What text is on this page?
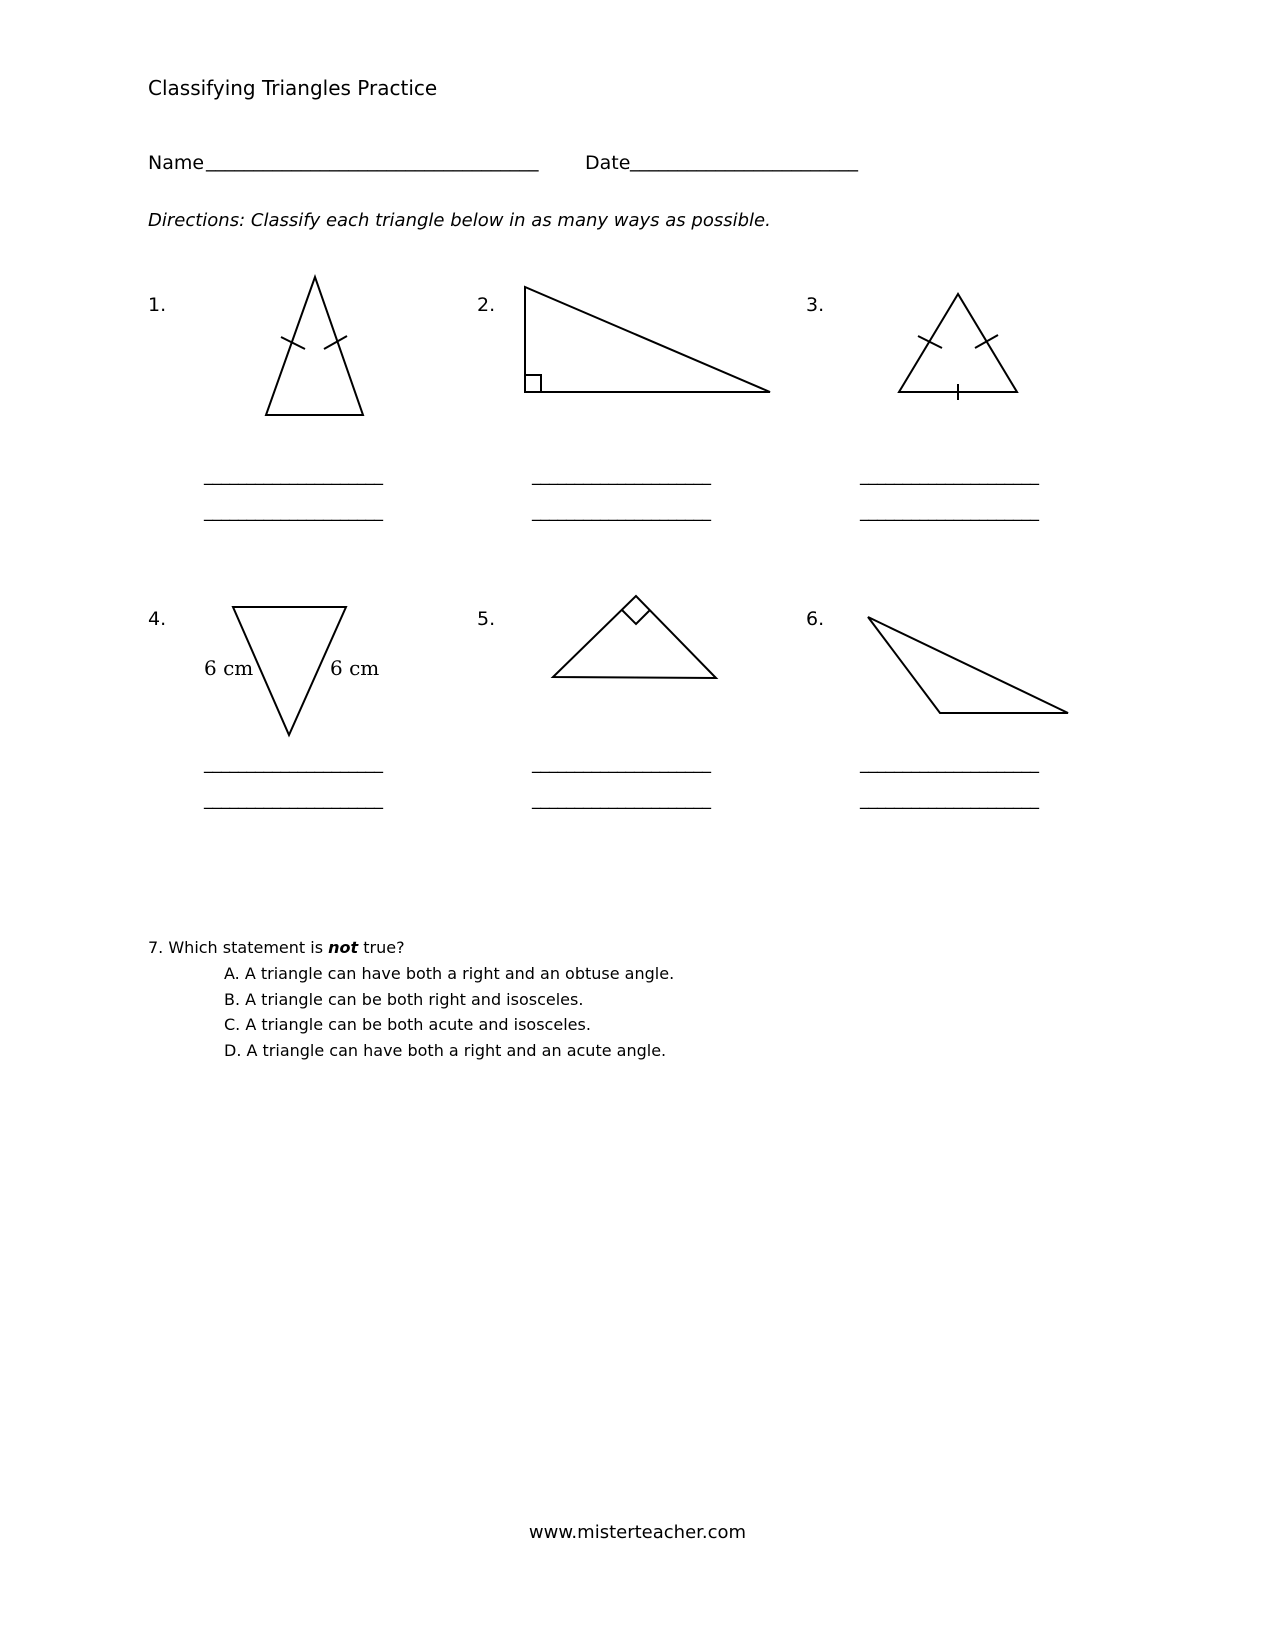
Classifying Triangles Practice
Name ___________________________________ Date ________________________
Directions: Classify each triangle below in as many ways as possible.
1.	2.	3.
4.	5.	6.
6 cm	6 cm
_____________________
_____________________
_____________________
_____________________
_____________________
_____________________
_____________________
_____________________
_____________________
_____________________
_____________________
_____________________
7. Which statement is not true?
A. A triangle can have both a right and an obtuse angle.
B. A triangle can be both right and isosceles.
C. A triangle can be both acute and isosceles.
D. A triangle can have both a right and an acute angle.
www.misterteacher.com
